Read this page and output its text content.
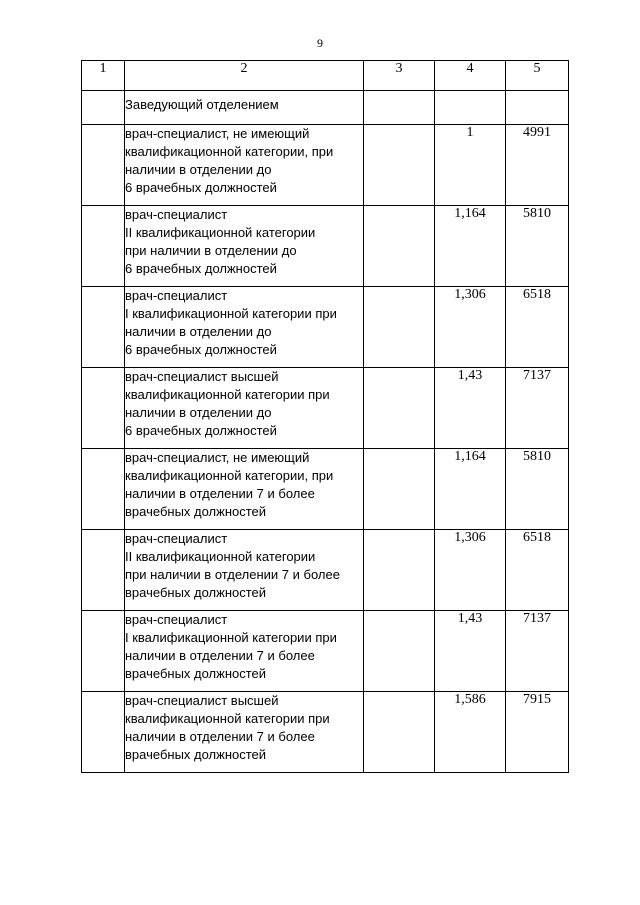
9
1	2	3	4	5
	Заведующий отделением			
	врач-специалист, не имеющий
квалификационной категории, при
наличии в отделении до
6 врачебных должностей		1	4991
	врач-специалист
II квалификационной категории
при наличии в отделении до
6 врачебных должностей		1,164	5810
	врач-специалист
I квалификационной категории при
наличии в отделении до
6 врачебных должностей		1,306	6518
	врач-специалист высшей
квалификационной категории при
наличии в отделении до
6 врачебных должностей		1,43	7137
	врач-специалист, не имеющий
квалификационной категории, при
наличии в отделении 7 и более
врачебных должностей		1,164	5810
	врач-специалист
II квалификационной категории
при наличии в отделении 7 и более
врачебных должностей		1,306	6518
	врач-специалист
I квалификационной категории при
наличии в отделении 7 и более
врачебных должностей		1,43	7137
	врач-специалист высшей
квалификационной категории при
наличии в отделении 7 и более
врачебных должностей		1,586	7915
